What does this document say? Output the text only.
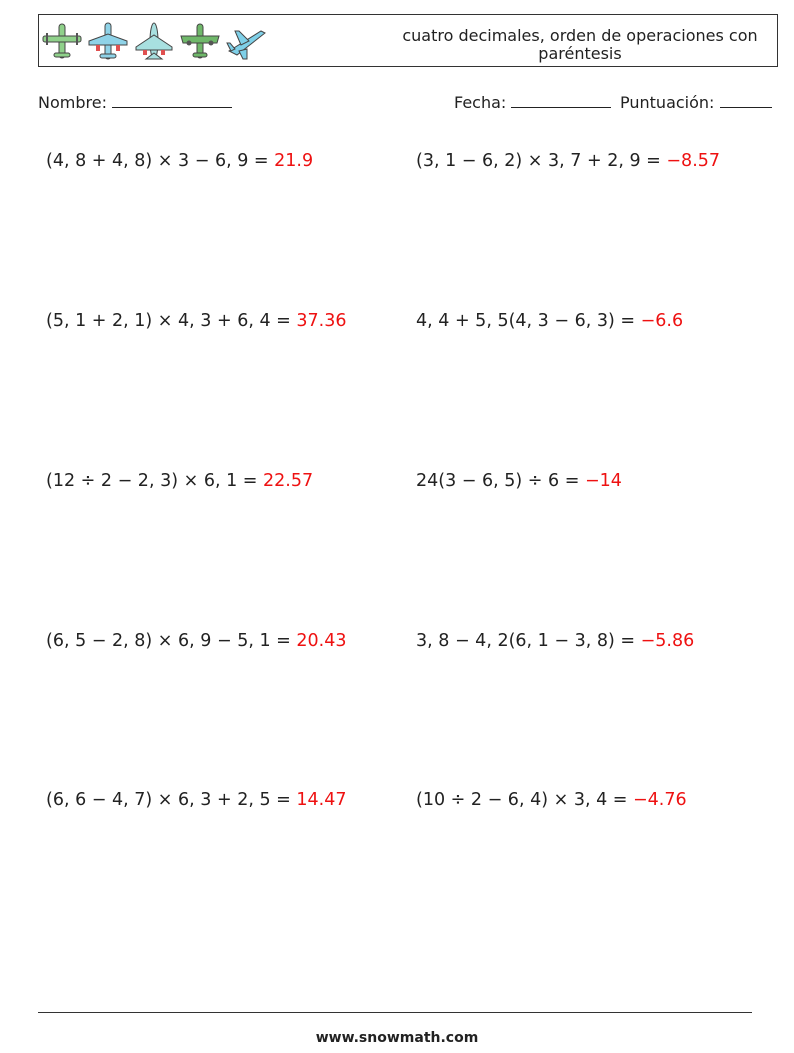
cuatro decimales, orden de operaciones con paréntesis
Nombre:	Fecha:	Puntuación:
(4, 8 + 4, 8) × 3 − 6, 9 = 21.9	(3, 1 − 6, 2) × 3, 7 + 2, 9 = −8.57
(5, 1 + 2, 1) × 4, 3 + 6, 4 = 37.36	4, 4 + 5, 5(4, 3 − 6, 3) = −6.6
(12 ÷ 2 − 2, 3) × 6, 1 = 22.57	24(3 − 6, 5) ÷ 6 = −14
(6, 5 − 2, 8) × 6, 9 − 5, 1 = 20.43	3, 8 − 4, 2(6, 1 − 3, 8) = −5.86
(6, 6 − 4, 7) × 6, 3 + 2, 5 = 14.47	(10 ÷ 2 − 6, 4) × 3, 4 = −4.76
www.snowmath.com
